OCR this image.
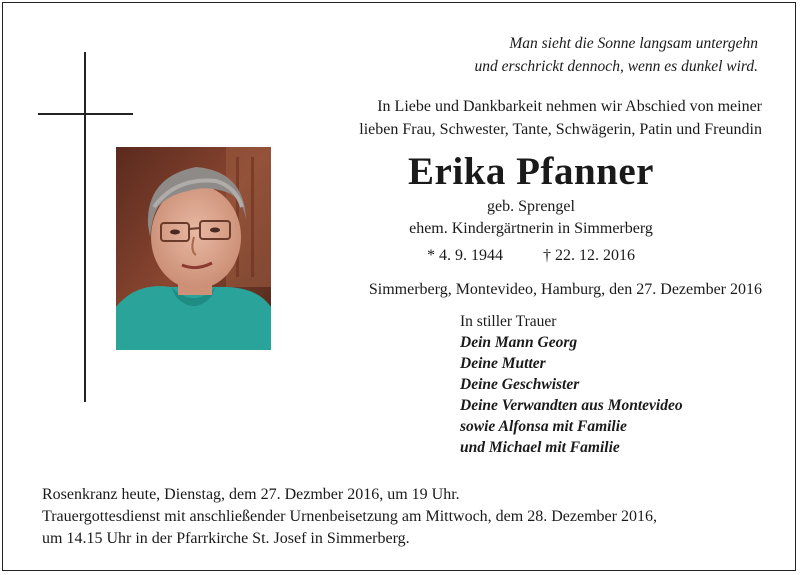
Man sieht die Sonne langsam untergehn
und erschrickt dennoch, wenn es dunkel wird.
In Liebe und Dankbarkeit nehmen wir Abschied von meiner
lieben Frau, Schwester, Tante, Schwägerin, Patin und Freundin
Erika Pfanner
geb. Sprengel
ehem. Kindergärtnerin in Simmerberg
* 4. 9. 1944	† 22. 12. 2016
Simmerberg, Montevideo, Hamburg, den 27. Dezember 2016
In stiller Trauer
Dein Mann Georg
Deine Mutter
Deine Geschwister
Deine Verwandten aus Montevideo
sowie Alfonsa mit Familie
und Michael mit Familie
Rosenkranz heute, Dienstag, dem 27. Dezmber 2016, um 19 Uhr.
Trauergottesdienst mit anschließender Urnenbeisetzung am Mittwoch, dem 28. Dezember 2016,
um 14.15 Uhr in der Pfarrkirche St. Josef in Simmerberg.
